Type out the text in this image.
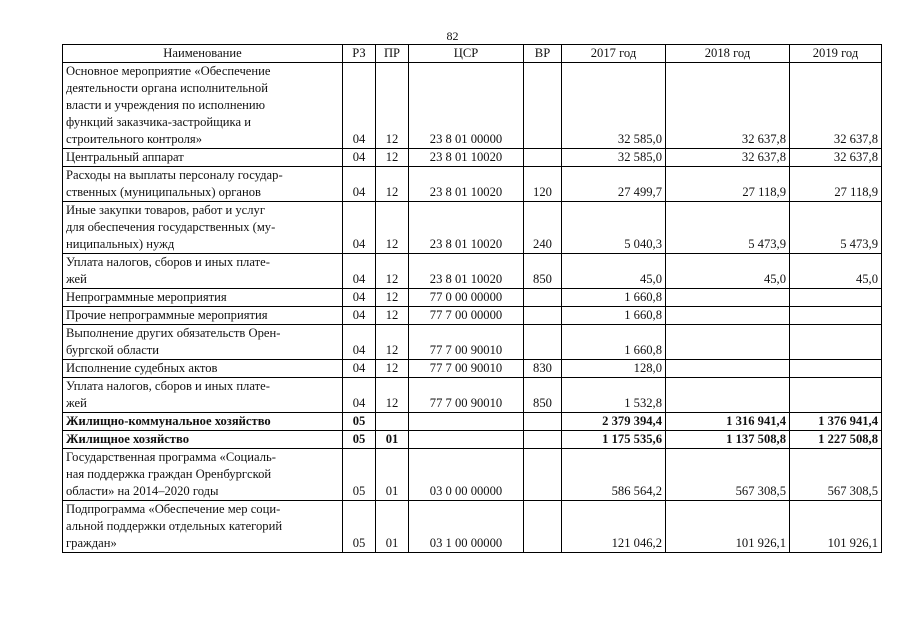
82
Наименование	РЗ	ПР	ЦСР	ВР	2017 год	2018 год	2019 год
Основное мероприятие «Обеспечение
деятельности органа исполнительной
власти и учреждения по исполнению
функций заказчика-застройщика и
строительного контроля»	04	12	23 8 01 00000		32 585,0	32 637,8	32 637,8
Центральный аппарат	04	12	23 8 01 10020		32 585,0	32 637,8	32 637,8
Расходы на выплаты персоналу государ-
ственных (муниципальных) органов	04	12	23 8 01 10020	120	27 499,7	27 118,9	27 118,9
Иные закупки товаров, работ и услуг
для обеспечения государственных (му-
ниципальных) нужд	04	12	23 8 01 10020	240	5 040,3	5 473,9	5 473,9
Уплата налогов, сборов и иных плате-
жей	04	12	23 8 01 10020	850	45,0	45,0	45,0
Непрограммные мероприятия	04	12	77 0 00 00000		1 660,8		
Прочие непрограммные мероприятия	04	12	77 7 00 00000		1 660,8		
Выполнение других обязательств Орен-
бургской области	04	12	77 7 00 90010		1 660,8		
Исполнение судебных актов	04	12	77 7 00 90010	830	128,0		
Уплата налогов, сборов и иных плате-
жей	04	12	77 7 00 90010	850	1 532,8		
Жилищно-коммунальное хозяйство	05				2 379 394,4	1 316 941,4	1 376 941,4
Жилищное хозяйство	05	01			1 175 535,6	1 137 508,8	1 227 508,8
Государственная программа «Социаль-
ная поддержка граждан Оренбургской
области» на 2014–2020 годы	05	01	03 0 00 00000		586 564,2	567 308,5	567 308,5
Подпрограмма «Обеспечение мер соци-
альной поддержки отдельных категорий
граждан»	05	01	03 1 00 00000		121 046,2	101 926,1	101 926,1
